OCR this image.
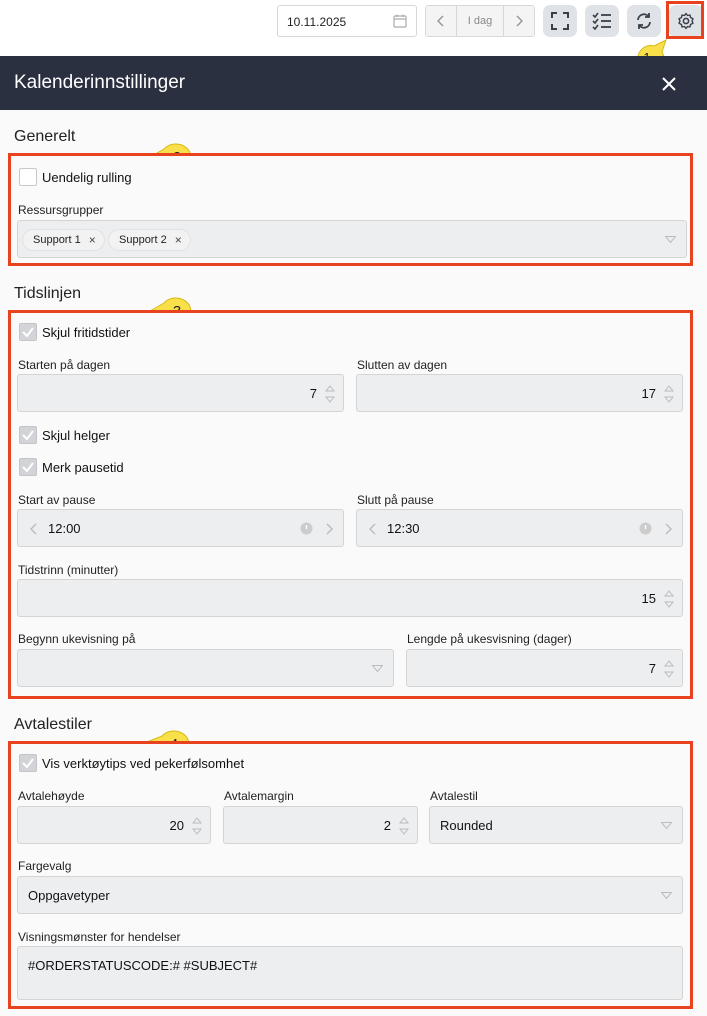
10.11.2025	I dag
Kalenderinnstillinger
Generelt
Uendelig rulling
Ressursgrupper
Support 1 × Support 2 ×
Tidslinjen
Skjul fritidstider
Starten på dagen
7
Slutten av dagen
17
Skjul helger
Merk pausetid
Start av pause
12:00
Slutt på pause
12:30
Tidstrinn (minutter)
15
Begynn ukevisning på	Lengde på ukesvisning (dager)
7
Avtalestiler
Vis verktøytips ved pekerfølsomhet
Avtalehøyde
20
Avtalemargin
2
Avtalestil
Rounded
Fargevalg
Oppgavetyper
Visningsmønster for hendelser
#ORDERSTATUSCODE:# #SUBJECT#
